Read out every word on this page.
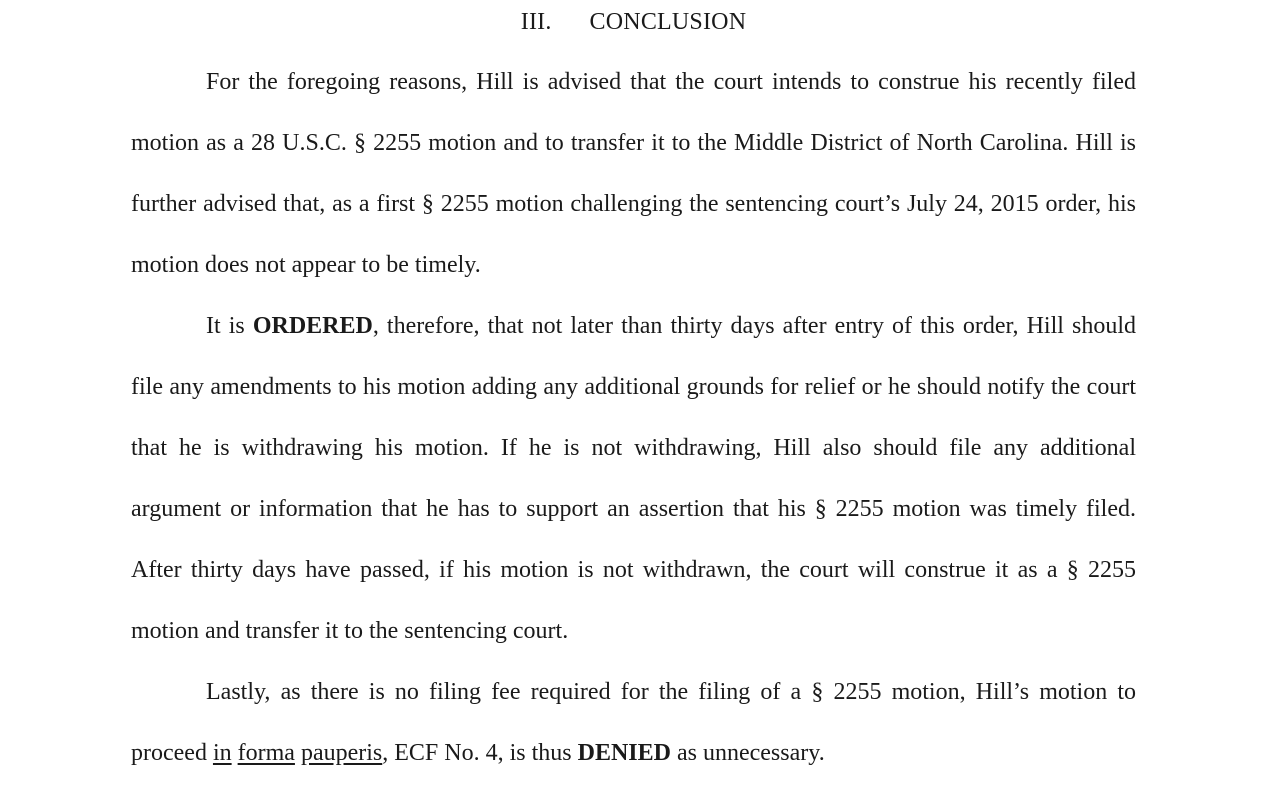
III. CONCLUSION

For the foregoing reasons, Hill is advised that the court intends to construe his recently filed motion as a 28 U.S.C. § 2255 motion and to transfer it to the Middle District of North Carolina. Hill is further advised that, as a first § 2255 motion challenging the sentencing court’s July 24, 2015 order, his motion does not appear to be timely.

It is ORDERED, therefore, that not later than thirty days after entry of this order, Hill should file any amendments to his motion adding any additional grounds for relief or he should notify the court that he is withdrawing his motion. If he is not withdrawing, Hill also should file any additional argument or information that he has to support an assertion that his § 2255 motion was timely filed. After thirty days have passed, if his motion is not withdrawn, the court will construe it as a § 2255 motion and transfer it to the sentencing court.

Lastly, as there is no filing fee required for the filing of a § 2255 motion, Hill’s motion to proceed in forma pauperis, ECF No. 4, is thus DENIED as unnecessary.
